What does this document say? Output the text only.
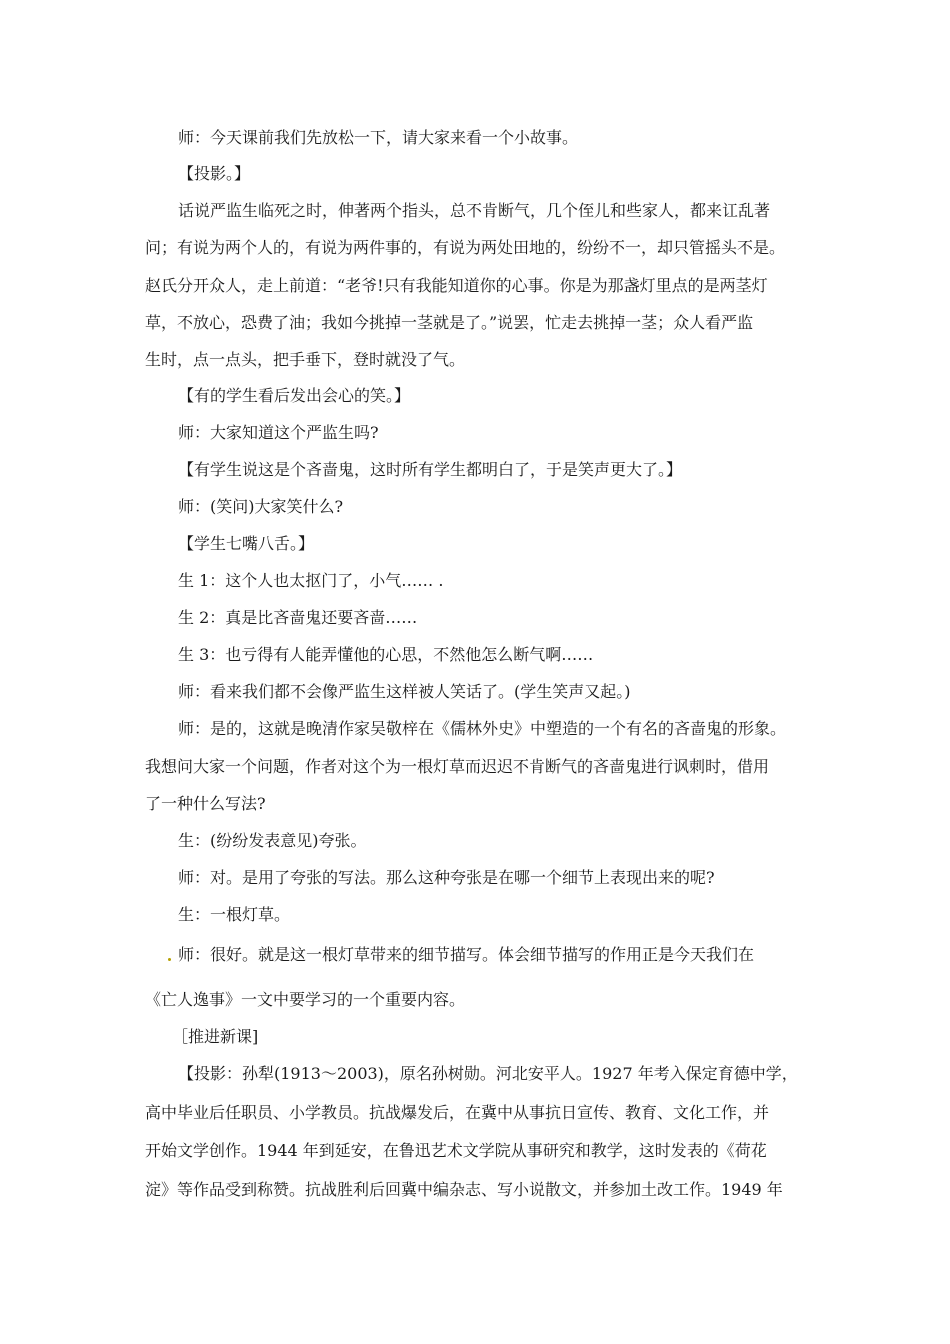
师：今天课前我们先放松一下，请大家来看一个小故事。

【投影。】

话说严监生临死之时，伸著两个指头，总不肯断气，几个侄儿和些家人，都来讧乱著

问；有说为两个人的，有说为两件事的，有说为两处田地的，纷纷不一，却只管摇头不是。

赵氏分开众人，走上前道：“老爷!只有我能知道你的心事。你是为那盏灯里点的是两茎灯

草，不放心，恐费了油；我如今挑掉一茎就是了。”说罢，忙走去挑掉一茎；众人看严监

生时，点一点头，把手垂下，登时就没了气。

【有的学生看后发出会心的笑。】

师：大家知道这个严监生吗?

【有学生说这是个吝啬鬼，这时所有学生都明白了，于是笑声更大了。】

师：(笑问)大家笑什么?

【学生七嘴八舌。】

生 1：这个人也太抠门了，小气…… .

生 2：真是比吝啬鬼还要吝啬……

生 3：也亏得有人能弄懂他的心思，不然他怎么断气啊……

师：看来我们都不会像严监生这样被人笑话了。(学生笑声又起。)

师：是的，这就是晚清作家吴敬梓在《儒林外史》中塑造的一个有名的吝啬鬼的形象。

我想问大家一个问题，作者对这个为一根灯草而迟迟不肯断气的吝啬鬼进行讽刺时，借用

了一种什么写法?

生：(纷纷发表意见)夸张。

师：对。是用了夸张的写法。那么这种夸张是在哪一个细节上表现出来的呢?

生：一根灯草。

师：很好。就是这一根灯草带来的细节描写。体会细节描写的作用正是今天我们在

《亡人逸事》一文中要学习的一个重要内容。

［推进新课]

【投影：孙犁(1913～2003)，原名孙树勋。河北安平人。1927 年考入保定育德中学，

高中毕业后任职员、小学教员。抗战爆发后，在冀中从事抗日宣传、教育、文化工作，并

开始文学创作。1944 年到延安，在鲁迅艺术文学院从事研究和教学，这时发表的《荷花

淀》等作品受到称赞。抗战胜利后回冀中编杂志、写小说散文，并参加土改工作。1949 年
